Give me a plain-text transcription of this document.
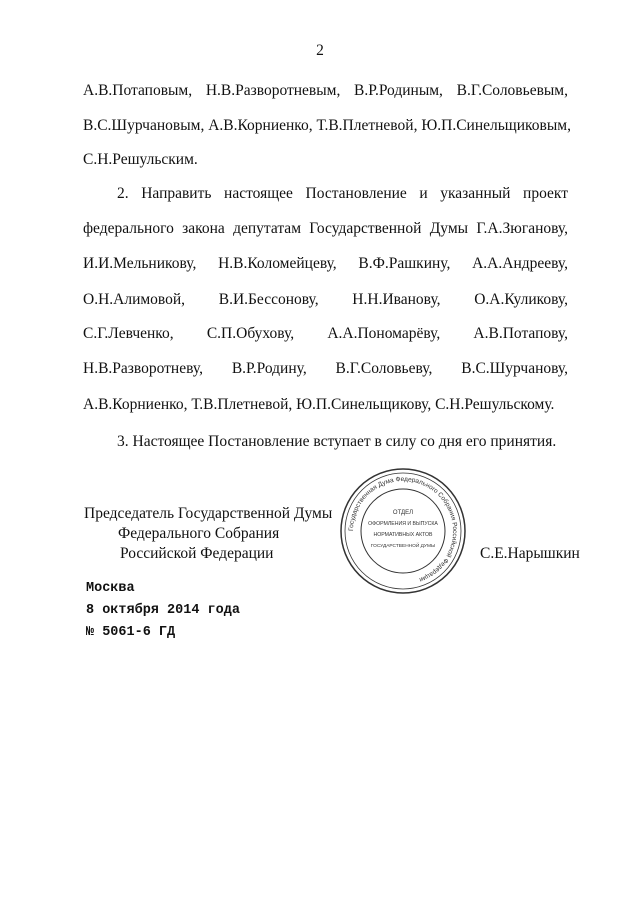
2
А.В.Потаповым, Н.В.Разворотневым, В.Р.Родиным, В.Г.Соловьевым,
В.С.Шурчановым, А.В.Корниенко, Т.В.Плетневой, Ю.П.Синельщиковым,
С.Н.Решульским.
2. Направить настоящее Постановление и указанный проект
федерального закона депутатам Государственной Думы Г.А.Зюганову,
И.И.Мельникову, Н.В.Коломейцеву, В.Ф.Рашкину, А.А.Андрееву,
О.Н.Алимовой, В.И.Бессонову, Н.Н.Иванову, О.А.Куликову,
С.Г.Левченко, С.П.Обухову, А.А.Пономарёву, А.В.Потапову,
Н.В.Разворотневу, В.Р.Родину, В.Г.Соловьеву, В.С.Шурчанову,
А.В.Корниенко, Т.В.Плетневой, Ю.П.Синельщикову, С.Н.Решульскому.
3. Настоящее Постановление вступает в силу со дня его принятия.
Государственная Дума Федерального Собрания Российской Федерации
ОТДЕЛ
ОФОРМЛЕНИЯ И ВЫПУСКА
НОРМАТИВНЫХ АКТОВ
ГОСУДАРСТВЕННОЙ ДУМЫ
Председатель Государственной Думы
Федерального Собрания
Российской Федерации	С.Е.Нарышкин
Москва
8 октября 2014 года
№ 5061-6 ГД
